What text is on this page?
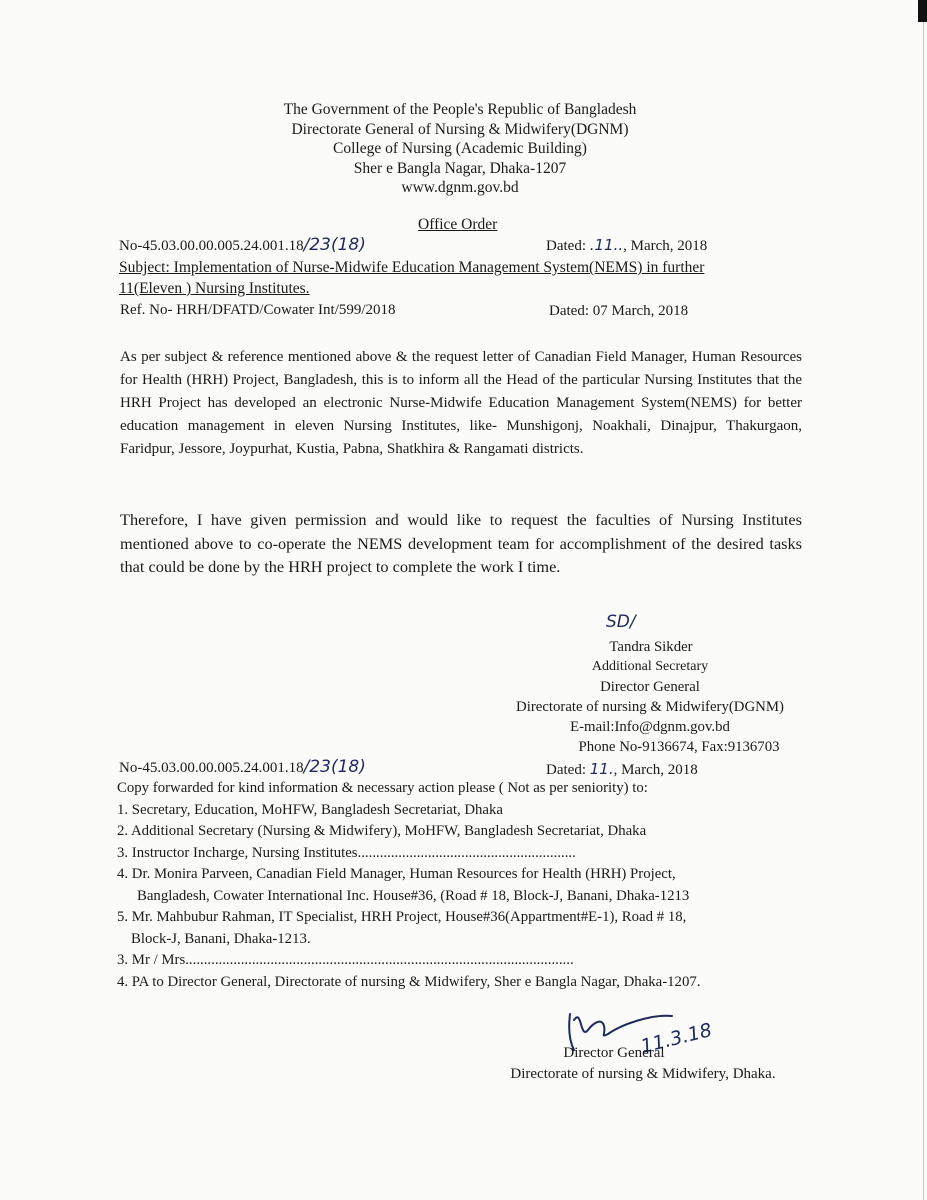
The Government of the People's Republic of Bangladesh
Directorate General of Nursing & Midwifery(DGNM)
College of Nursing (Academic Building)
Sher e Bangla Nagar, Dhaka-1207
www.dgnm.gov.bd
Office Order
No-45.03.00.00.005.24.001.18/23(18)	Dated: .11.., March, 2018
Subject: Implementation of Nurse-Midwife Education Management System(NEMS) in further
11(Eleven ) Nursing Institutes.
Ref. No- HRH/DFATD/Cowater Int/599/2018	Dated: 07 March, 2018
As per subject & reference mentioned above & the request letter of Canadian Field Manager, Human Resources for Health (HRH) Project, Bangladesh, this is to inform all the Head of the particular Nursing Institutes that the HRH Project has developed an electronic Nurse-Midwife Education Management System(NEMS) for better education management in eleven Nursing Institutes, like- Munshigonj, Noakhali, Dinajpur, Thakurgaon, Faridpur, Jessore, Joypurhat, Kustia, Pabna, Shatkhira & Rangamati districts.
Therefore, I have given permission and would like to request the faculties of Nursing Institutes mentioned above to co-operate the NEMS development team for accomplishment of the desired tasks that could be done by the HRH project to complete the work I time.
SD/
Tandra Sikder
Additional Secretary
Director General
Directorate of nursing & Midwifery(DGNM)
E-mail:Info@dgnm.gov.bd
Phone No-9136674, Fax:9136703
No-45.03.00.00.005.24.001.18/23(18)	Dated: 11., March, 2018
Copy forwarded for kind information & necessary action please ( Not as per seniority) to:
1. Secretary, Education, MoHFW, Bangladesh Secretariat, Dhaka
2. Additional Secretary (Nursing & Midwifery), MoHFW, Bangladesh Secretariat, Dhaka
3. Instructor Incharge, Nursing Institutes...........................................................
4. Dr. Monira Parveen, Canadian Field Manager, Human Resources for Health (HRH) Project,
Bangladesh, Cowater International Inc. House#36, (Road # 18, Block-J, Banani, Dhaka-1213
5. Mr. Mahbubur Rahman, IT Specialist, HRH Project, House#36(Appartment#E-1), Road # 18,
Block-J, Banani, Dhaka-1213.
3. Mr / Mrs.........................................................................................................
4. PA to Director General, Directorate of nursing & Midwifery, Sher e Bangla Nagar, Dhaka-1207.
11.3.18
Director General
Directorate of nursing & Midwifery, Dhaka.
